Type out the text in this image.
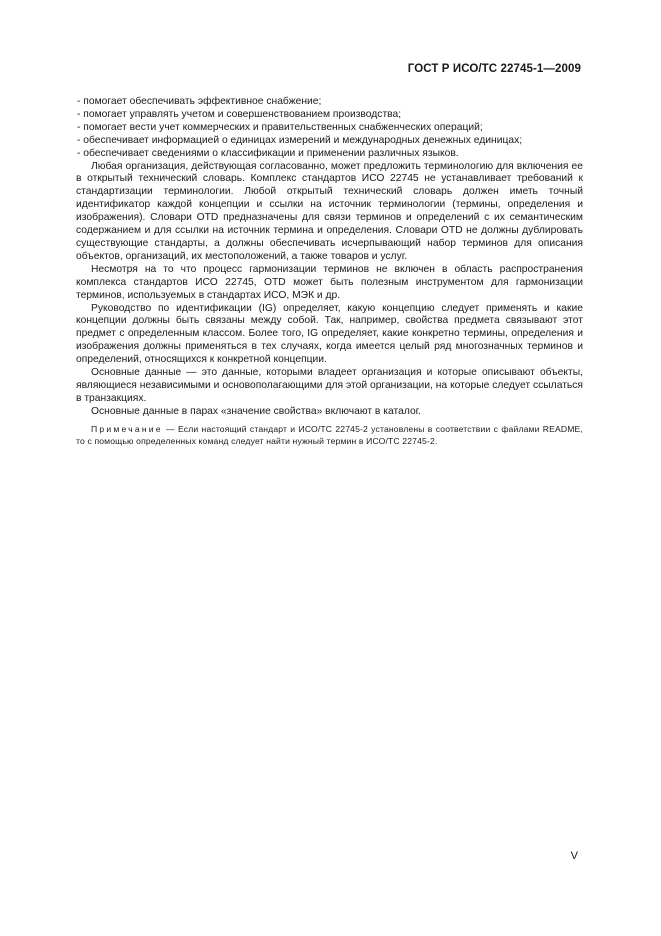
ГОСТ Р ИСО/ТС 22745-1—2009
- помогает обеспечивать эффективное снабжение;
- помогает управлять учетом и совершенствованием производства;
- помогает вести учет коммерческих и правительственных снабженческих операций;
- обеспечивает информацией о единицах измерений и международных денежных единицах;
- обеспечивает сведениями о классификации и применении различных языков.

Любая организация, действующая согласованно, может предложить терминологию для включения ее в открытый технический словарь. Комплекс стандартов ИСО 22745 не устанавливает требований к стандартизации терминологии. Любой открытый технический словарь должен иметь точный идентификатор каждой концепции и ссылки на источник терминологии (термины, определения и изображения). Словари OTD предназначены для связи терминов и определений с их семантическим содержанием и для ссылки на источник термина и определения. Словари OTD не должны дублировать существующие стандарты, а должны обеспечивать исчерпывающий набор терминов для описания объектов, организаций, их местоположений, а также товаров и услуг.

Несмотря на то что процесс гармонизации терминов не включен в область распространения комплекса стандартов ИСО 22745, OTD может быть полезным инструментом для гармонизации терминов, используемых в стандартах ИСО, МЭК и др.

Руководство по идентификации (IG) определяет, какую концепцию следует применять и какие концепции должны быть связаны между собой. Так, например, свойства предмета связывают этот предмет с определенным классом. Более того, IG определяет, какие конкретно термины, определения и изображения должны применяться в тех случаях, когда имеется целый ряд многозначных терминов и определений, относящихся к конкретной концепции.

Основные данные — это данные, которыми владеет организация и которые описывают объекты, являющиеся независимыми и основополагающими для этой организации, на которые следует ссылаться в транзакциях.

Основные данные в парах «значение свойства» включают в каталог.

Примечание — Если настоящий стандарт и ИСО/ТС 22745-2 установлены в соответствии с файлами README, то с помощью определенных команд следует найти нужный термин в ИСО/ТС 22745-2.

V
